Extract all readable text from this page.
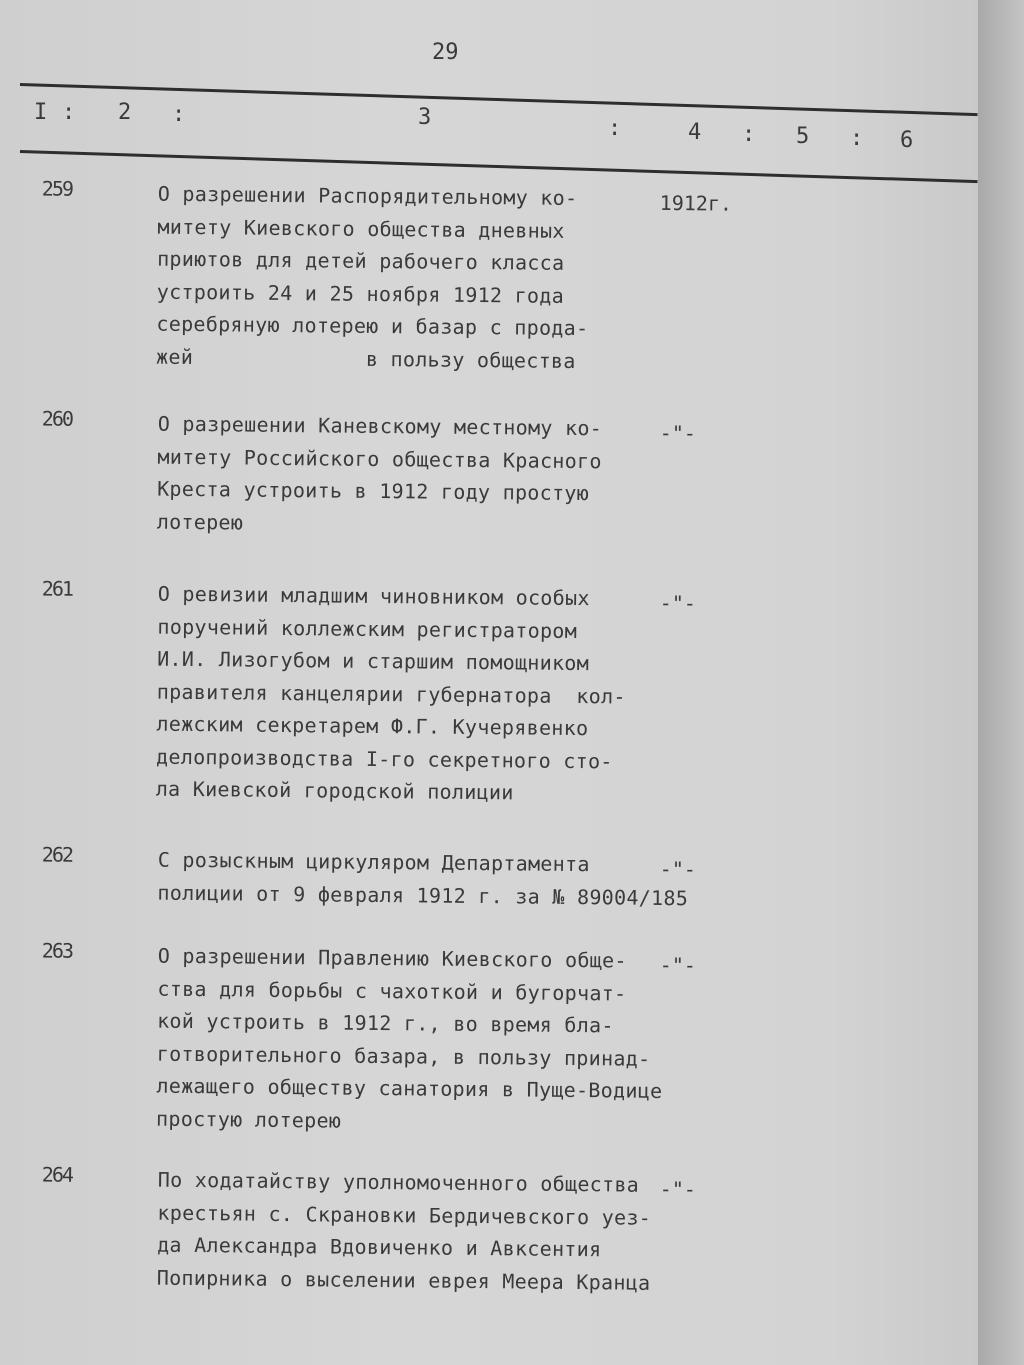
29
I : 2 :	3	:	4 : 5 : 6
259	О разрешении Распорядительному ко-
митету Киевского общества дневных
приютов для детей рабочего класса
устроить 24 и 25 ноября 1912 года
серебряную лотерею и базар с прода-
жей              в пользу общества
1912г.
260	О разрешении Каневскому местному ко-
митету Российского общества Красного
Креста устроить в 1912 году простую
лотерею
-"-
261	О ревизии младшим чиновником особых
поручений коллежским регистратором
И.И. Лизогубом и старшим помощником
правителя канцелярии губернатора  кол-
лежским секретарем Ф.Г. Кучерявенко
делопроизводства I-го секретного сто-
ла Киевской городской полиции
-"-
262	С розыскным циркуляром Департамента
полиции от 9 февраля 1912 г. за № 89004/185
-"-
263	О разрешении Правлению Киевского обще-
ства для борьбы с чахоткой и бугорчат-
кой устроить в 1912 г., во время бла-
готворительного базара, в пользу принад-
лежащего обществу санатория в Пуще-Водице
простую лотерею
-"-
264	По ходатайству уполномоченного общества
крестьян с. Скрановки Бердичевского уез-
да Александра Вдовиченко и Авксентия
Попирника о выселении еврея Меера Кранца
-"-
